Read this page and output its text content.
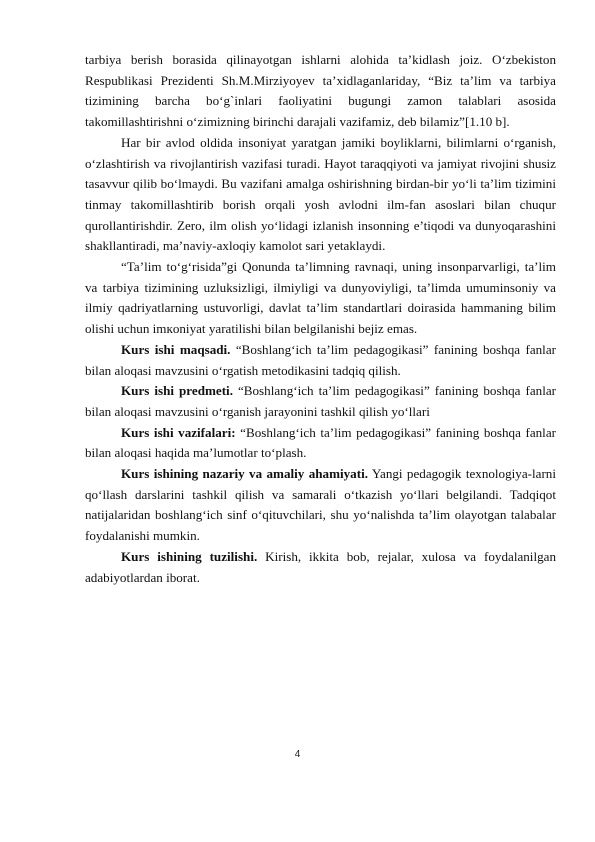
tarbiya berish borasida qilinayotgan ishlarni alohida ta’kidlash joiz. O‘zbekiston Respublikasi Prezidenti Sh.M.Mirziyoyev ta’xidlaganlariday, “Biz ta’lim va tarbiya tizimining barcha bo‘g`inlari faoliyatini bugungi zamon talablari asosida takomillashtirishni o‘zimizning birinchi darajali vazifamiz, deb bilamiz”[1.10 b].

Har bir avlod oldida insoniyat yaratgan jamiki boyliklarni, bilimlarni o‘rganish, o‘zlashtirish va rivojlantirish vazifasi turadi. Hayot taraqqiyoti va jamiyat rivojini shusiz tasavvur qilib bo‘lmaydi. Bu vazifani amalga oshirishning birdan-bir yo‘li ta’lim tizimini tinmay takomillashtirib borish orqali yosh avlodni ilm-fan asoslari bilan chuqur qurollantirishdir. Zero, ilm olish yo‘lidagi izlanish insonning e’tiqodi va dunyoqarashini shakllantiradi, ma’naviy-axloqiy kamolot sari yetaklaydi.

“Ta’lim to‘g‘risida”gi Qonunda ta’limning ravnaqi, uning insonparvarligi, ta’lim va tarbiya tizimining uzluksizligi, ilmiyligi va dunyoviyligi, ta’limda umuminsoniy va ilmiy qadriyatlarning ustuvorligi, davlat ta’lim standartlari doirasida hammaning bilim olishi uchun imкoniyat yaratilishi bilan belgilanishi bejiz emas.

Kurs ishi maqsadi. “Boshlang‘ich ta’lim pedagogikasi” fanining boshqa fanlar bilan aloqasi mavzusini o‘rgatish metodikasini tadqiq qilish.

Kurs ishi predmeti. “Boshlang‘ich ta’lim pedagogikasi” fanining boshqa fanlar bilan aloqasi mavzusini o‘rganish jarayonini tashkil qilish yo‘llari

Kurs ishi vazifalari: “Boshlang‘ich ta’lim pedagogikasi” fanining boshqa fanlar bilan aloqasi haqida ma’lumotlar to‘plash.

Kurs ishining nazariy va amaliy ahamiyati. Yangi pedagogik texnologiya-larni qo‘llash darslarini tashkil qilish va samarali o‘tkazish yo‘llari belgilandi. Tadqiqot natijalaridan boshlang‘ich sinf o‘qituvchilari, shu yo‘nalishda ta’lim olayotgan talabalar foydalanishi mumkin.

Kurs ishining tuzilishi. Kirish, ikkita bob, rejalar, xulosa va foydalanilgan adabiyotlardan iborat.

4
